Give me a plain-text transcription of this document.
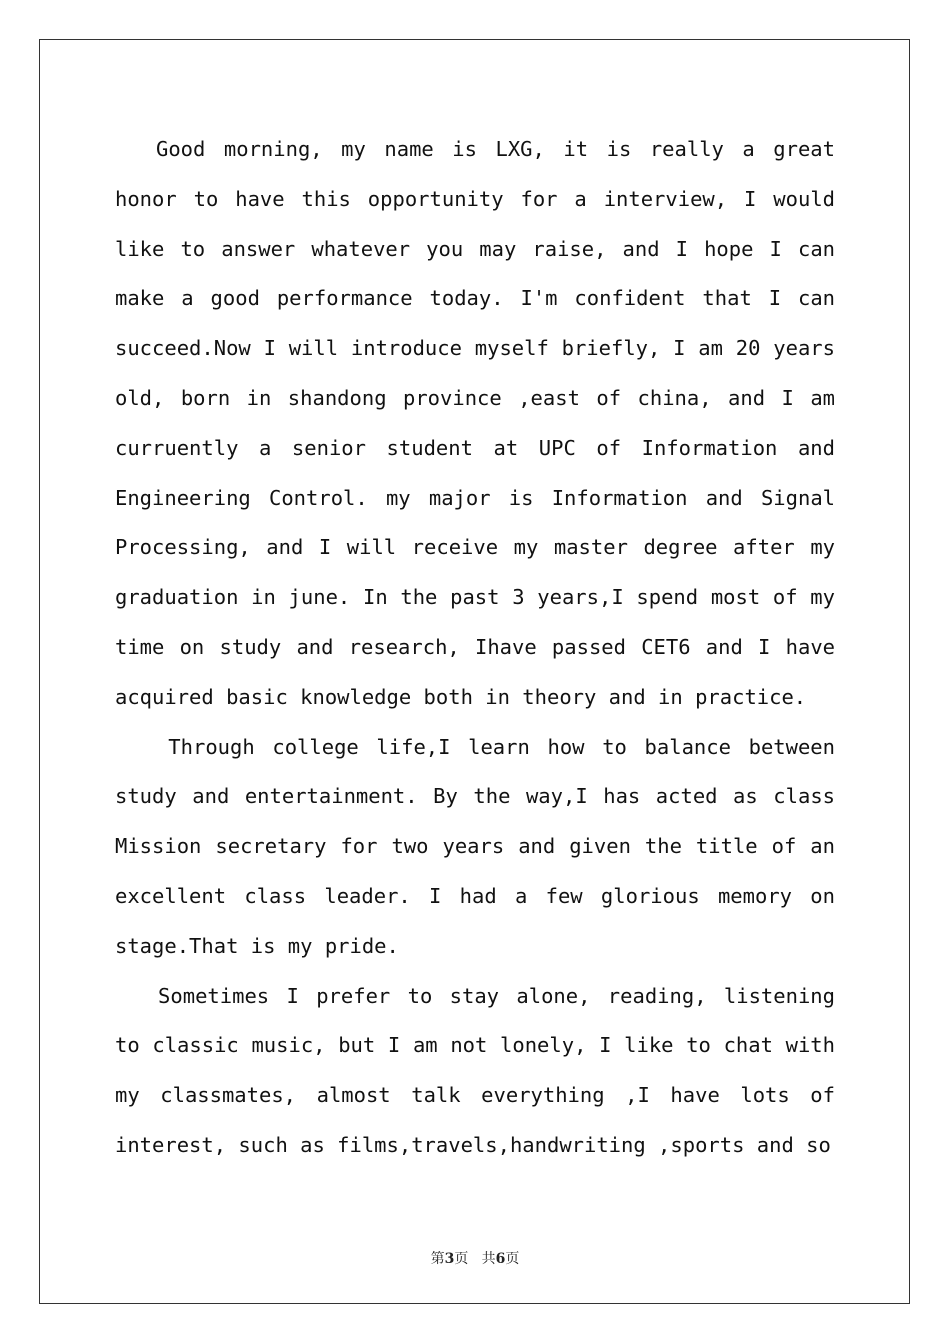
Good morning, my name is LXG, it is really a great honor to have this opportunity for a interview, I would like to answer whatever you may raise, and I hope I can make a good performance today. I'm confident that I can succeed.Now I will introduce myself briefly, I am 20 years old, born in shandong province ,east of china, and I am curruently a senior student at UPC of Information and Engineering Control. my major is Information and Signal Processing, and I will receive my master degree after my graduation in june. In the past 3 years,I spend most of my time on study and research, Ihave passed CET6 and I have acquired basic knowledge both in theory and in practice.

Through college life,I learn how to balance between study and entertainment. By the way,I has acted as class Mission secretary for two years and given the title of an excellent class leader. I had a few glorious memory on stage.That is my pride.

Sometimes I prefer to stay alone, reading, listening to classic music, but I am not lonely, I like to chat with my classmates, almost talk everything ,I have lots of interest, such as films,travels,handwriting ,sports and so

第3页 共6页
